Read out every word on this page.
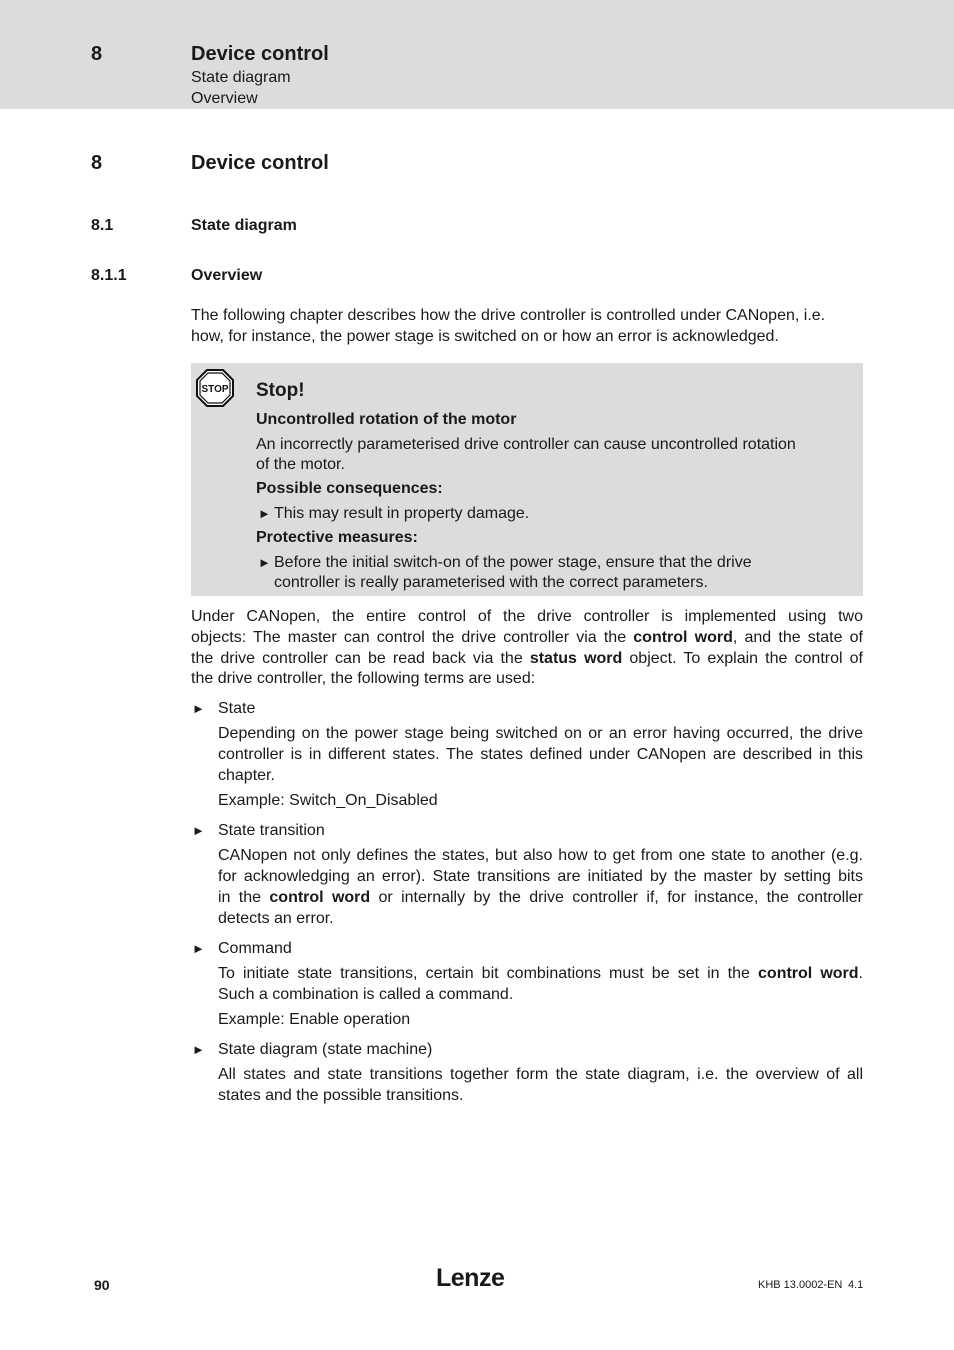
8	Device control
State diagram
Overview
8	Device control
8.1	State diagram
8.1.1	Overview
The following chapter describes how the drive controller is controlled under CANopen, i.e.
how, for instance, the power stage is switched on or how an error is acknowledged.
STOP Stop!
Uncontrolled rotation of the motor
An incorrectly parameterised drive controller can cause uncontrolled rotation
of the motor.
Possible consequences:
► This may result in property damage.
Protective measures:
► Before the initial switch-on of the power stage, ensure that the drive
controller is really parameterised with the correct parameters.
Under CANopen, the entire control of the drive controller is implemented using two
objects: The master can control the drive controller via the control word, and the state of
the drive controller can be read back via the status word object. To explain the control of
the drive controller, the following terms are used:
► State
Depending on the power stage being switched on or an error having occurred, the drive
controller is in different states. The states defined under CANopen are described in this
chapter.
Example: Switch_On_Disabled
► State transition
CANopen not only defines the states, but also how to get from one state to another (e.g.
for acknowledging an error). State transitions are initiated by the master by setting bits
in the control word or internally by the drive controller if, for instance, the controller
detects an error.
► Command
To initiate state transitions, certain bit combinations must be set in the control word.
Such a combination is called a command.
Example: Enable operation
► State diagram (state machine)
All states and state transitions together form the state diagram, i.e. the overview of all
states and the possible transitions.
90	Lenze	KHB 13.0002-EN 4.1
